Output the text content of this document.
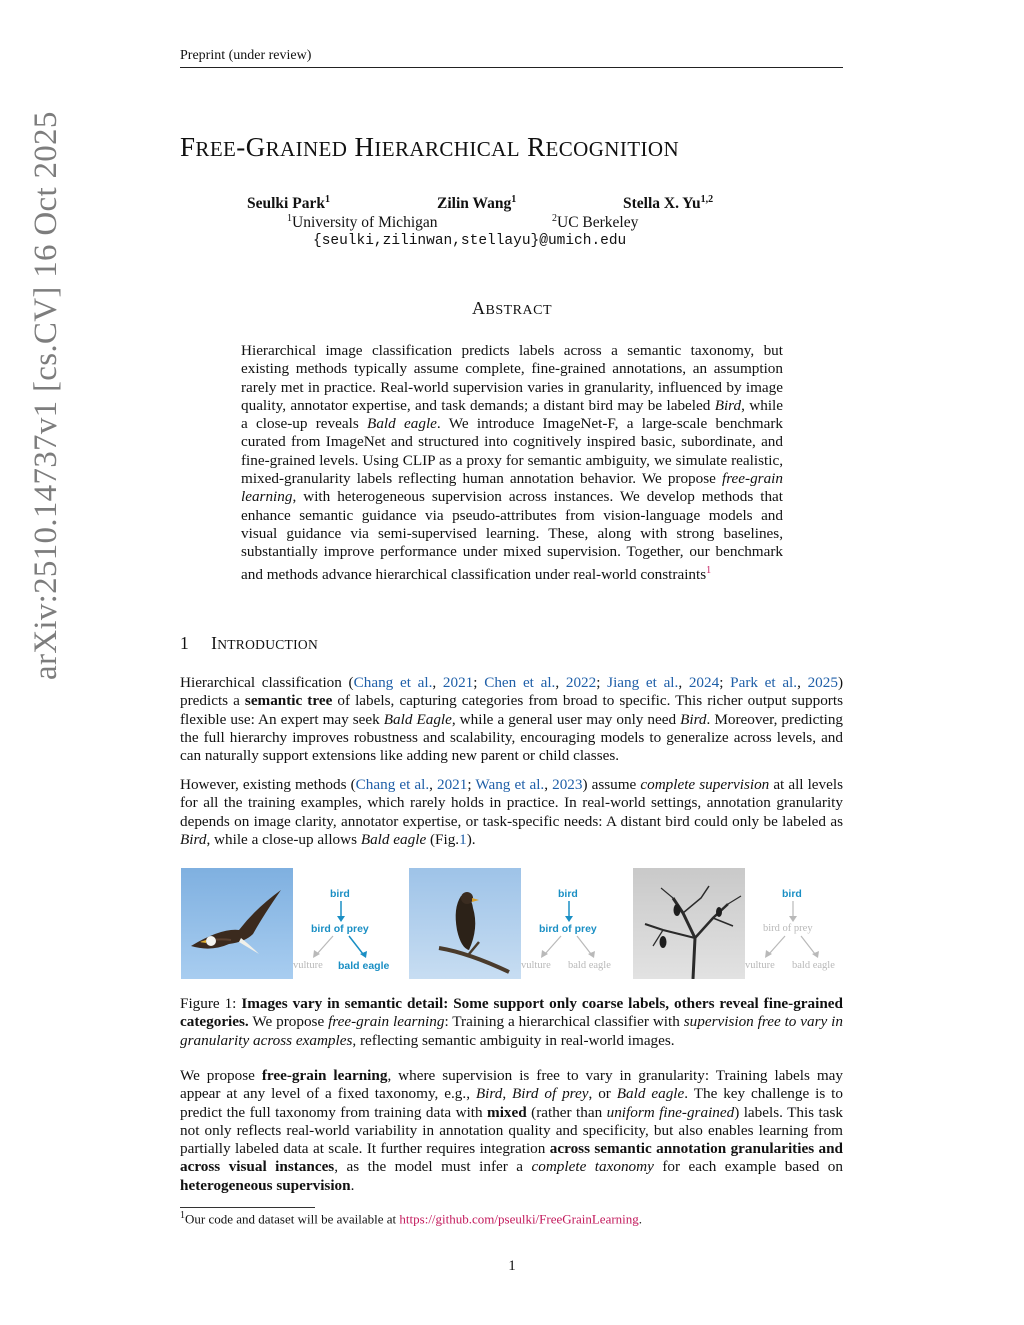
Preprint (under review)
arXiv:2510.14737v1 [cs.CV] 16 Oct 2025	FREE-GRAINED HIERARCHICAL RECOGNITION
Seulki Park$^1$	Zilin Wang$^1$	Stella X. Yu$^{1,2}$
$^1$University of Michigan	$^2$UC Berkeley
{seulki,zilinwan,stellayu}@umich.edu
ABSTRACT
Hierarchical image classification predicts labels across a semantic taxonomy, but existing methods typically assume complete, fine-grained annotations, an assumption rarely met in practice. Real-world supervision varies in granularity, influenced by image quality, annotator expertise, and task demands; a distant bird may be labeled Bird, while a close-up reveals Bald eagle. We introduce ImageNet-F, a large-scale benchmark curated from ImageNet and structured into cognitively inspired basic, subordinate, and fine-grained levels. Using CLIP as a proxy for semantic ambiguity, we simulate realistic, mixed-granularity labels reflecting human annotation behavior. We propose free-grain learning, with heterogeneous supervision across instances. We develop methods that enhance semantic guidance via pseudo-attributes from vision-language models and visual guidance via semi-supervised learning. These, along with strong baselines, substantially improve performance under mixed supervision. Together, our benchmark and methods advance hierarchical classification under real-world constraints$^1$
1 INTRODUCTION
Hierarchical classification (Chang et al., 2021; Chen et al., 2022; Jiang et al., 2024; Park et al., 2025) predicts a semantic tree of labels, capturing categories from broad to specific. This richer output supports flexible use: An expert may seek Bald Eagle, while a general user may only need Bird. Moreover, predicting the full hierarchy improves robustness and scalability, encouraging models to generalize across levels, and can naturally support extensions like adding new parent or child classes.
However, existing methods (Chang et al., 2021; Wang et al., 2023) assume complete supervision at all levels for all the training examples, which rarely holds in practice. In real-world settings, annotation granularity depends on image clarity, annotator expertise, or task-specific needs: A distant bird could only be labeled as Bird, while a close-up allows Bald eagle (Fig.1).
bird
bird of prey
vulture bald eagle
bird
bird of prey
vulture bald eagle
bird
bird of prey
vulture bald eagle
Figure 1: Images vary in semantic detail: Some support only coarse labels, others reveal fine-grained categories. We propose free-grain learning: Training a hierarchical classifier with supervision free to vary in granularity across examples, reflecting semantic ambiguity in real-world images.
We propose free-grain learning, where supervision is free to vary in granularity: Training labels may appear at any level of a fixed taxonomy, e.g., Bird, Bird of prey, or Bald eagle. The key challenge is to predict the full taxonomy from training data with mixed (rather than uniform fine-grained) labels. This task not only reflects real-world variability in annotation quality and specificity, but also enables learning from partially labeled data at scale. It further requires integration across semantic annotation granularities and across visual instances, as the model must infer a complete taxonomy for each example based on heterogeneous supervision.
$^1$Our code and dataset will be available at https://github.com/pseulki/FreeGrainLearning.
1
